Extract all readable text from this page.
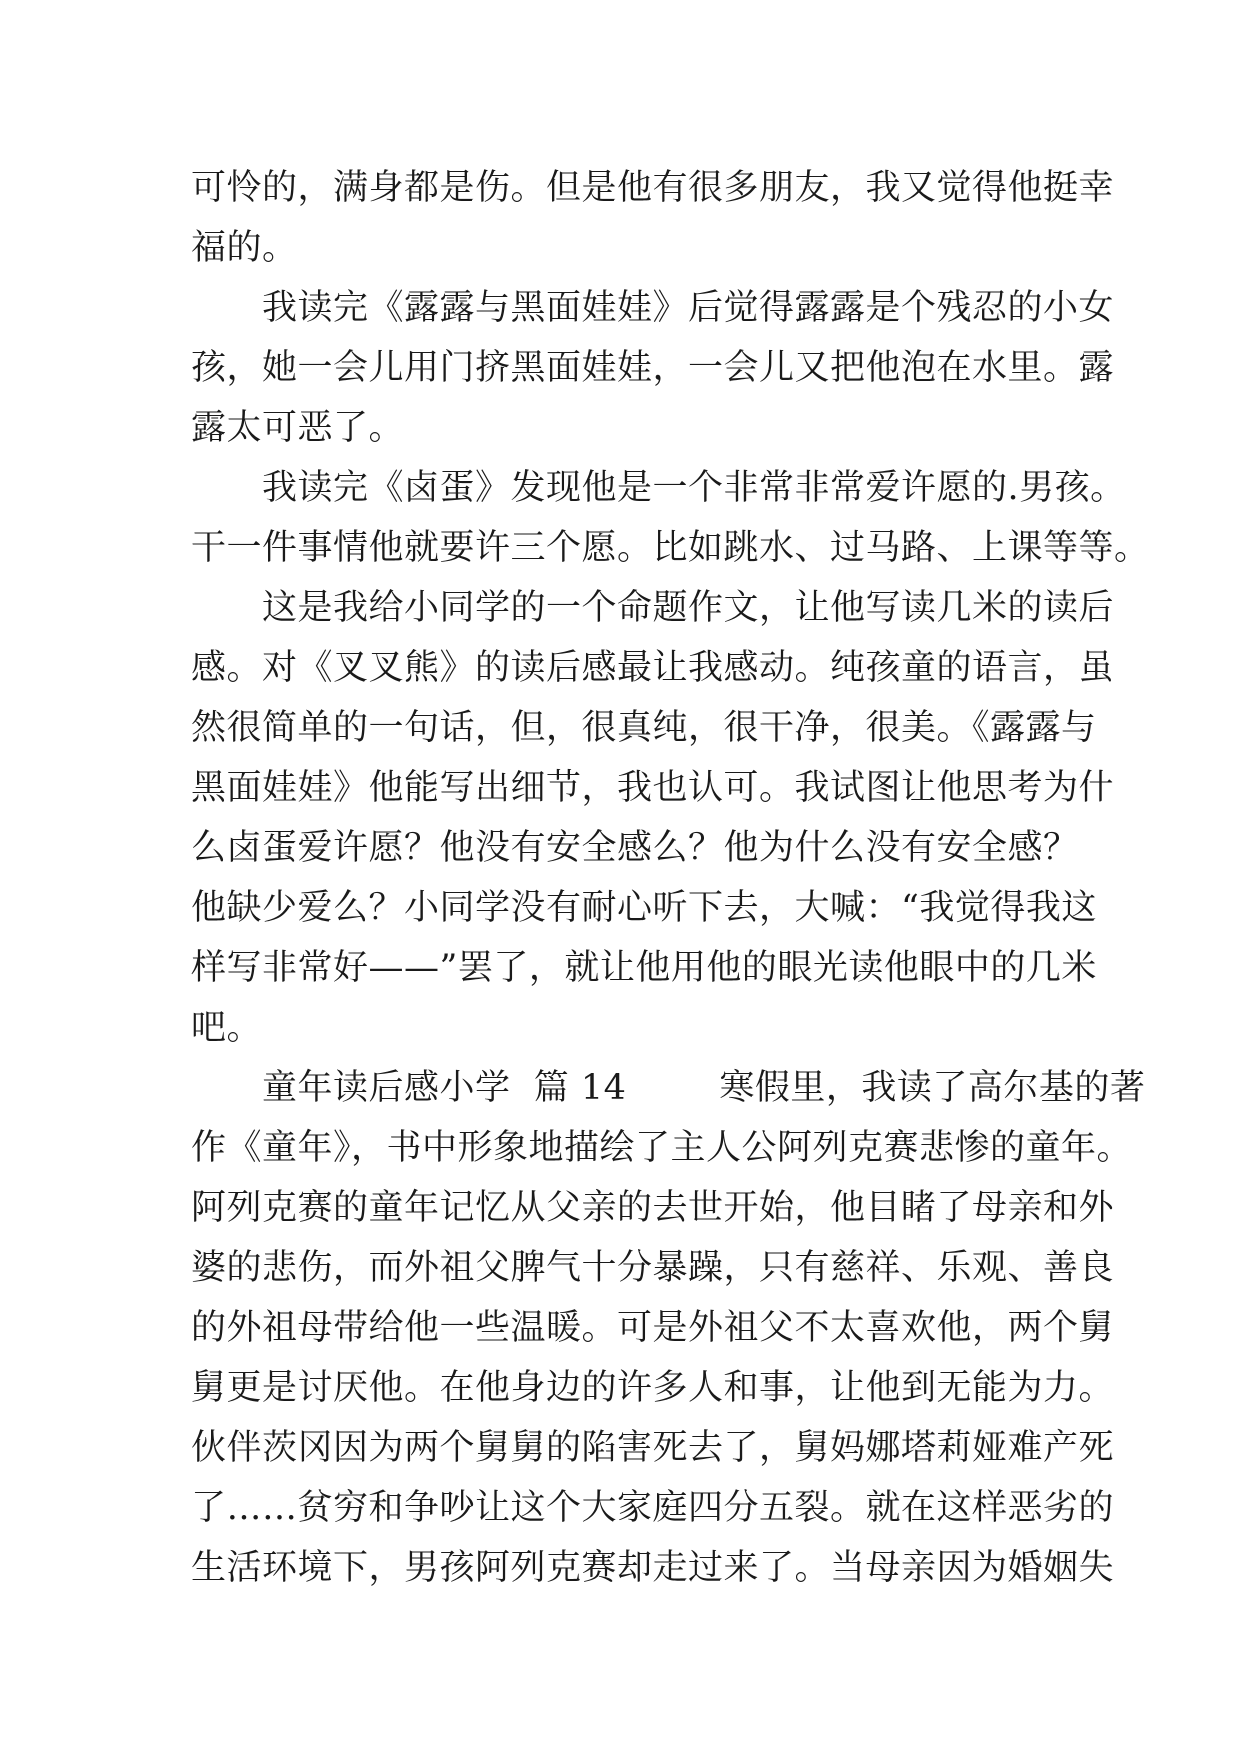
可怜的，满身都是伤。但是他有很多朋友，我又觉得他挺幸
福的。
　　我读完《露露与黑面娃娃》后觉得露露是个残忍的小女
孩，她一会儿用门挤黑面娃娃，一会儿又把他泡在水里。露
露太可恶了。
　　我读完《卤蛋》发现他是一个非常非常爱许愿的.男孩。
干一件事情他就要许三个愿。比如跳水、过马路、上课等等。
　　这是我给小同学的一个命题作文，让他写读几米的读后
感。对《叉叉熊》的读后感最让我感动。纯孩童的语言，虽
然很简单的一句话，但，很真纯，很干净，很美。《露露与
黑面娃娃》他能写出细节，我也认可。我试图让他思考为什
么卤蛋爱许愿？他没有安全感么？他为什么没有安全感？
他缺少爱么？小同学没有耐心听下去，大喊：“我觉得我这
样写非常好——”罢了，就让他用他的眼光读他眼中的几米
吧。
　　童年读后感小学  篇 14        寒假里，我读了高尔基的著
作《童年》，书中形象地描绘了主人公阿列克赛悲惨的童年。
阿列克赛的童年记忆从父亲的去世开始，他目睹了母亲和外
婆的悲伤，而外祖父脾气十分暴躁，只有慈祥、乐观、善良
的外祖母带给他一些温暖。可是外祖父不太喜欢他，两个舅
舅更是讨厌他。在他身边的许多人和事，让他到无能为力。
伙伴茨冈因为两个舅舅的陷害死去了，舅妈娜塔莉娅难产死
了……贫穷和争吵让这个大家庭四分五裂。就在这样恶劣的
生活环境下，男孩阿列克赛却走过来了。当母亲因为婚姻失
